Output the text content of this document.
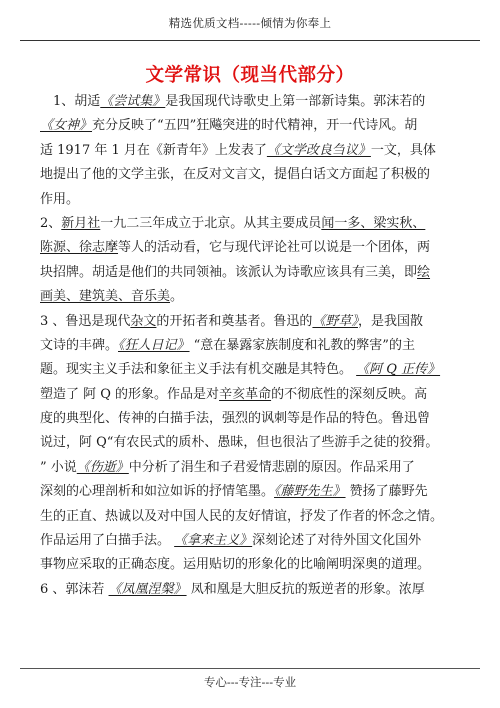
精选优质文档-----倾情为你奉上
文学常识（现当代部分）
　1、胡适《尝试集》是我国现代诗歌史上第一部新诗集。郭沫若的
《女神》充分反映了“五四”狂飚突进的时代精神，开一代诗风。胡
适 1917 年 1 月在《新青年》上发表了《文学改良刍议》一文，具体
地提出了他的文学主张，在反对文言文，提倡白话文方面起了积极的
作用。
2、新月社一九二三年成立于北京。从其主要成员闻一多、梁实秋、
陈源、徐志摩等人的活动看，它与现代评论社可以说是一个团体，两
块招牌。胡适是他们的共同领袖。该派认为诗歌应该具有三美，即绘
画美、建筑美、音乐美。
3 、鲁迅是现代杂文的开拓者和奠基者。鲁迅的《野草》，是我国散
文诗的丰碑。《狂人日记》 “意在暴露家族制度和礼教的弊害”的主
题。现实主义手法和象征主义手法有机交融是其特色。 《阿 Q 正传》
塑造了 阿 Q 的形象。作品是对辛亥革命的不彻底性的深刻反映。高
度的典型化、传神的白描手法，强烈的讽刺等是作品的特色。鲁迅曾
说过，阿 Q“有农民式的质朴、愚昧，但也很沾了些游手之徒的狡猾。
” 小说《伤逝》中分析了涓生和子君爱情悲剧的原因。作品采用了
深刻的心理剖析和如泣如诉的抒情笔墨。《藤野先生》 赞扬了藤野先
生的正直、热诚以及对中国人民的友好情谊，抒发了作者的怀念之情。
作品运用了白描手法。 《拿来主义》深刻论述了对待外国文化国外
事物应采取的正确态度。运用贴切的形象化的比喻阐明深奥的道理。
6 、郭沫若 《凤凰涅槃》 凤和凰是大胆反抗的叛逆者的形象。浓厚
专心---专注---专业
